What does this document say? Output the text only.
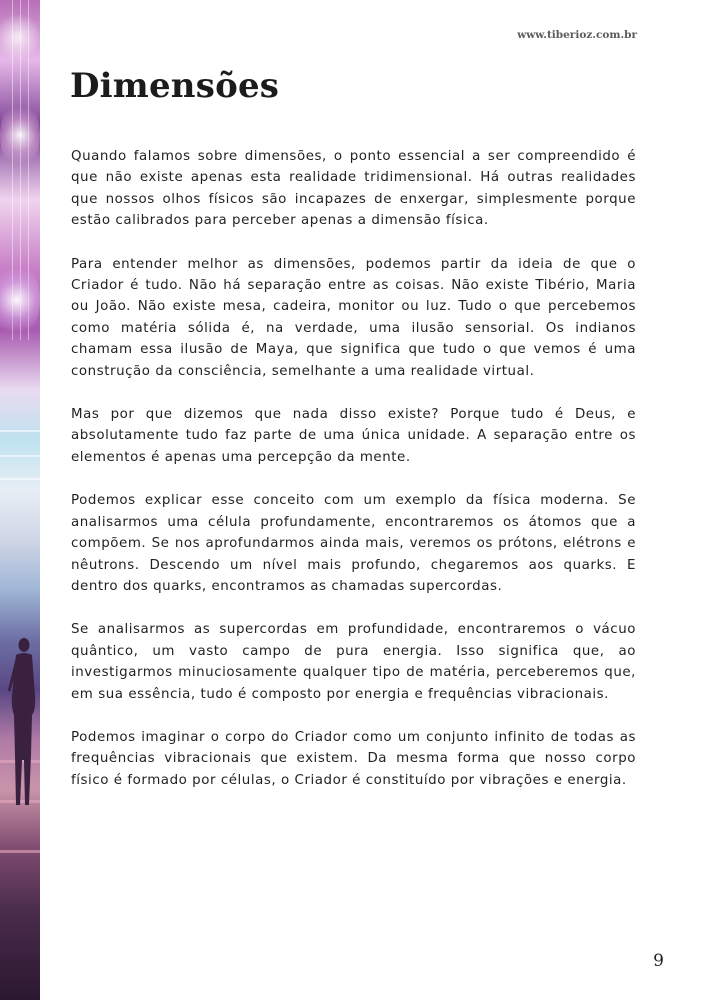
www.tiberioz.com.br
Dimensões

Quando falamos sobre dimensões, o ponto essencial a ser compreendido é que não existe apenas esta realidade tridimensional. Há outras realidades que nossos olhos físicos são incapazes de enxergar, simplesmente porque estão calibrados para perceber apenas a dimensão física.

Para entender melhor as dimensões, podemos partir da ideia de que o Criador é tudo. Não há separação entre as coisas. Não existe Tibério, Maria ou João. Não existe mesa, cadeira, monitor ou luz. Tudo o que percebemos como matéria sólida é, na verdade, uma ilusão sensorial. Os indianos chamam essa ilusão de Maya, que significa que tudo o que vemos é uma construção da consciência, semelhante a uma realidade virtual.

Mas por que dizemos que nada disso existe? Porque tudo é Deus, e absolutamente tudo faz parte de uma única unidade. A separação entre os elementos é apenas uma percepção da mente.

Podemos explicar esse conceito com um exemplo da física moderna. Se analisarmos uma célula profundamente, encontraremos os átomos que a compõem. Se nos aprofundarmos ainda mais, veremos os prótons, elétrons e nêutrons. Descendo um nível mais profundo, chegaremos aos quarks. E dentro dos quarks, encontramos as chamadas supercordas.

Se analisarmos as supercordas em profundidade, encontraremos o vácuo quântico, um vasto campo de pura energia. Isso significa que, ao investigarmos minuciosamente qualquer tipo de matéria, perceberemos que, em sua essência, tudo é composto por energia e frequências vibracionais.

Podemos imaginar o corpo do Criador como um conjunto infinito de todas as frequências vibracionais que existem. Da mesma forma que nosso corpo físico é formado por células, o Criador é constituído por vibrações e energia.

9
